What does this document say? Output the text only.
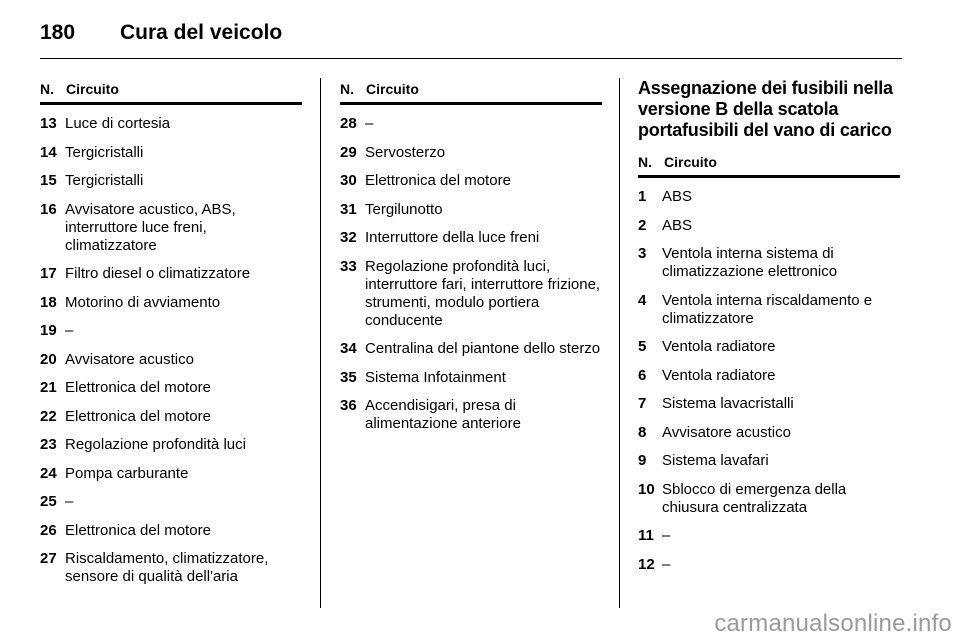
180 Cura del veicolo
N. Circuito
13 Luce di cortesia
14 Tergicristalli
15 Tergicristalli
16 Avvisatore acustico, ABS, interruttore luce freni, climatizzatore
17 Filtro diesel o climatizzatore
18 Motorino di avviamento
19 –
20 Avvisatore acustico
21 Elettronica del motore
22 Elettronica del motore
23 Regolazione profondità luci
24 Pompa carburante
25 –
26 Elettronica del motore
27 Riscaldamento, climatizzatore, sensore di qualità dell'aria
N. Circuito
28 –
29 Servosterzo
30 Elettronica del motore
31 Tergilunotto
32 Interruttore della luce freni
33 Regolazione profondità luci, interruttore fari, interruttore frizione, strumenti, modulo portiera conducente
34 Centralina del piantone dello sterzo
35 Sistema Infotainment
36 Accendisigari, presa di alimentazione anteriore
Assegnazione dei fusibili nella versione B della scatola portafusibili del vano di carico
N. Circuito
1	ABS
2	ABS
3	Ventola interna sistema di climatizzazione elettronico
4	Ventola interna riscaldamento e climatizzatore
5	Ventola radiatore
6	Ventola radiatore
7	Sistema lavacristalli
8	Avvisatore acustico
9	Sistema lavafari
10 Sblocco di emergenza della chiusura centralizzata
11 –
12 –
carmanualsonline.info
